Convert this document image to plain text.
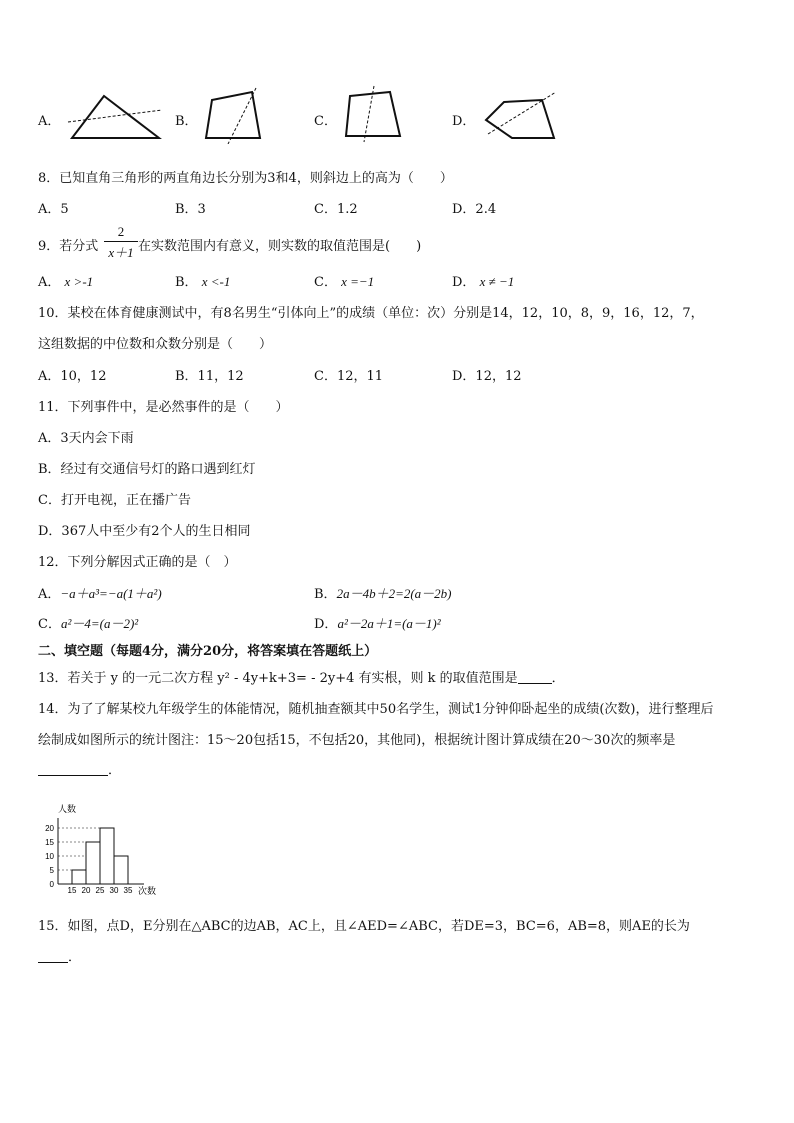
A．	B．	C．	D．
8．已知直角三角形的两直角边长分别为3和4，则斜边上的高为（　　）
A．5	B．3	C．1.2	D．2.4
9．若分式 $\frac{2}{x+1}$ 在实数范围内有意义，则实数的取值范围是(　　)
A． x >-1	B． x <-1	C． x =−1	D． x ≠ −1
10．某校在体育健康测试中，有8名男生“引体向上”的成绩（单位：次）分别是14，12，10，8，9，16，12，7，
这组数据的中位数和众数分别是（　　）
A．10，12	B．11，12	C．12，11	D．12，12
11．下列事件中，是必然事件的是（　　）
A．3天内会下雨
B．经过有交通信号灯的路口遇到红灯
C．打开电视，正在播广告
D．367人中至少有2个人的生日相同
12．下列分解因式正确的是（　）
A．−a＋a³=−a(1＋a²)	B．2a－4b＋2=2(a－2b)
C．a²－4=(a－2)²	D．a²－2a＋1=(a－1)²
二、填空题（每题4分，满分20分，将答案填在答题纸上）
13．若关于 y 的一元二次方程 y² - 4y+k+3= - 2y+4 有实根，则 k 的取值范围是	．
14．为了了解某校九年级学生的体能情况，随机抽查额其中50名学生，测试1分钟仰卧起坐的成绩(次数)，进行整理后
绘制成如图所示的统计图注：15～20包括15，不包括20，其他同)，根据统计图计算成绩在20～30次的频率是
．
人数
次数
20
15
10
5
0
15 20 25 30 35
15．如图，点D，E分别在△ABC的边AB，AC上，且∠AED=∠ABC，若DE=3，BC=6，AB=8，则AE的长为
．
